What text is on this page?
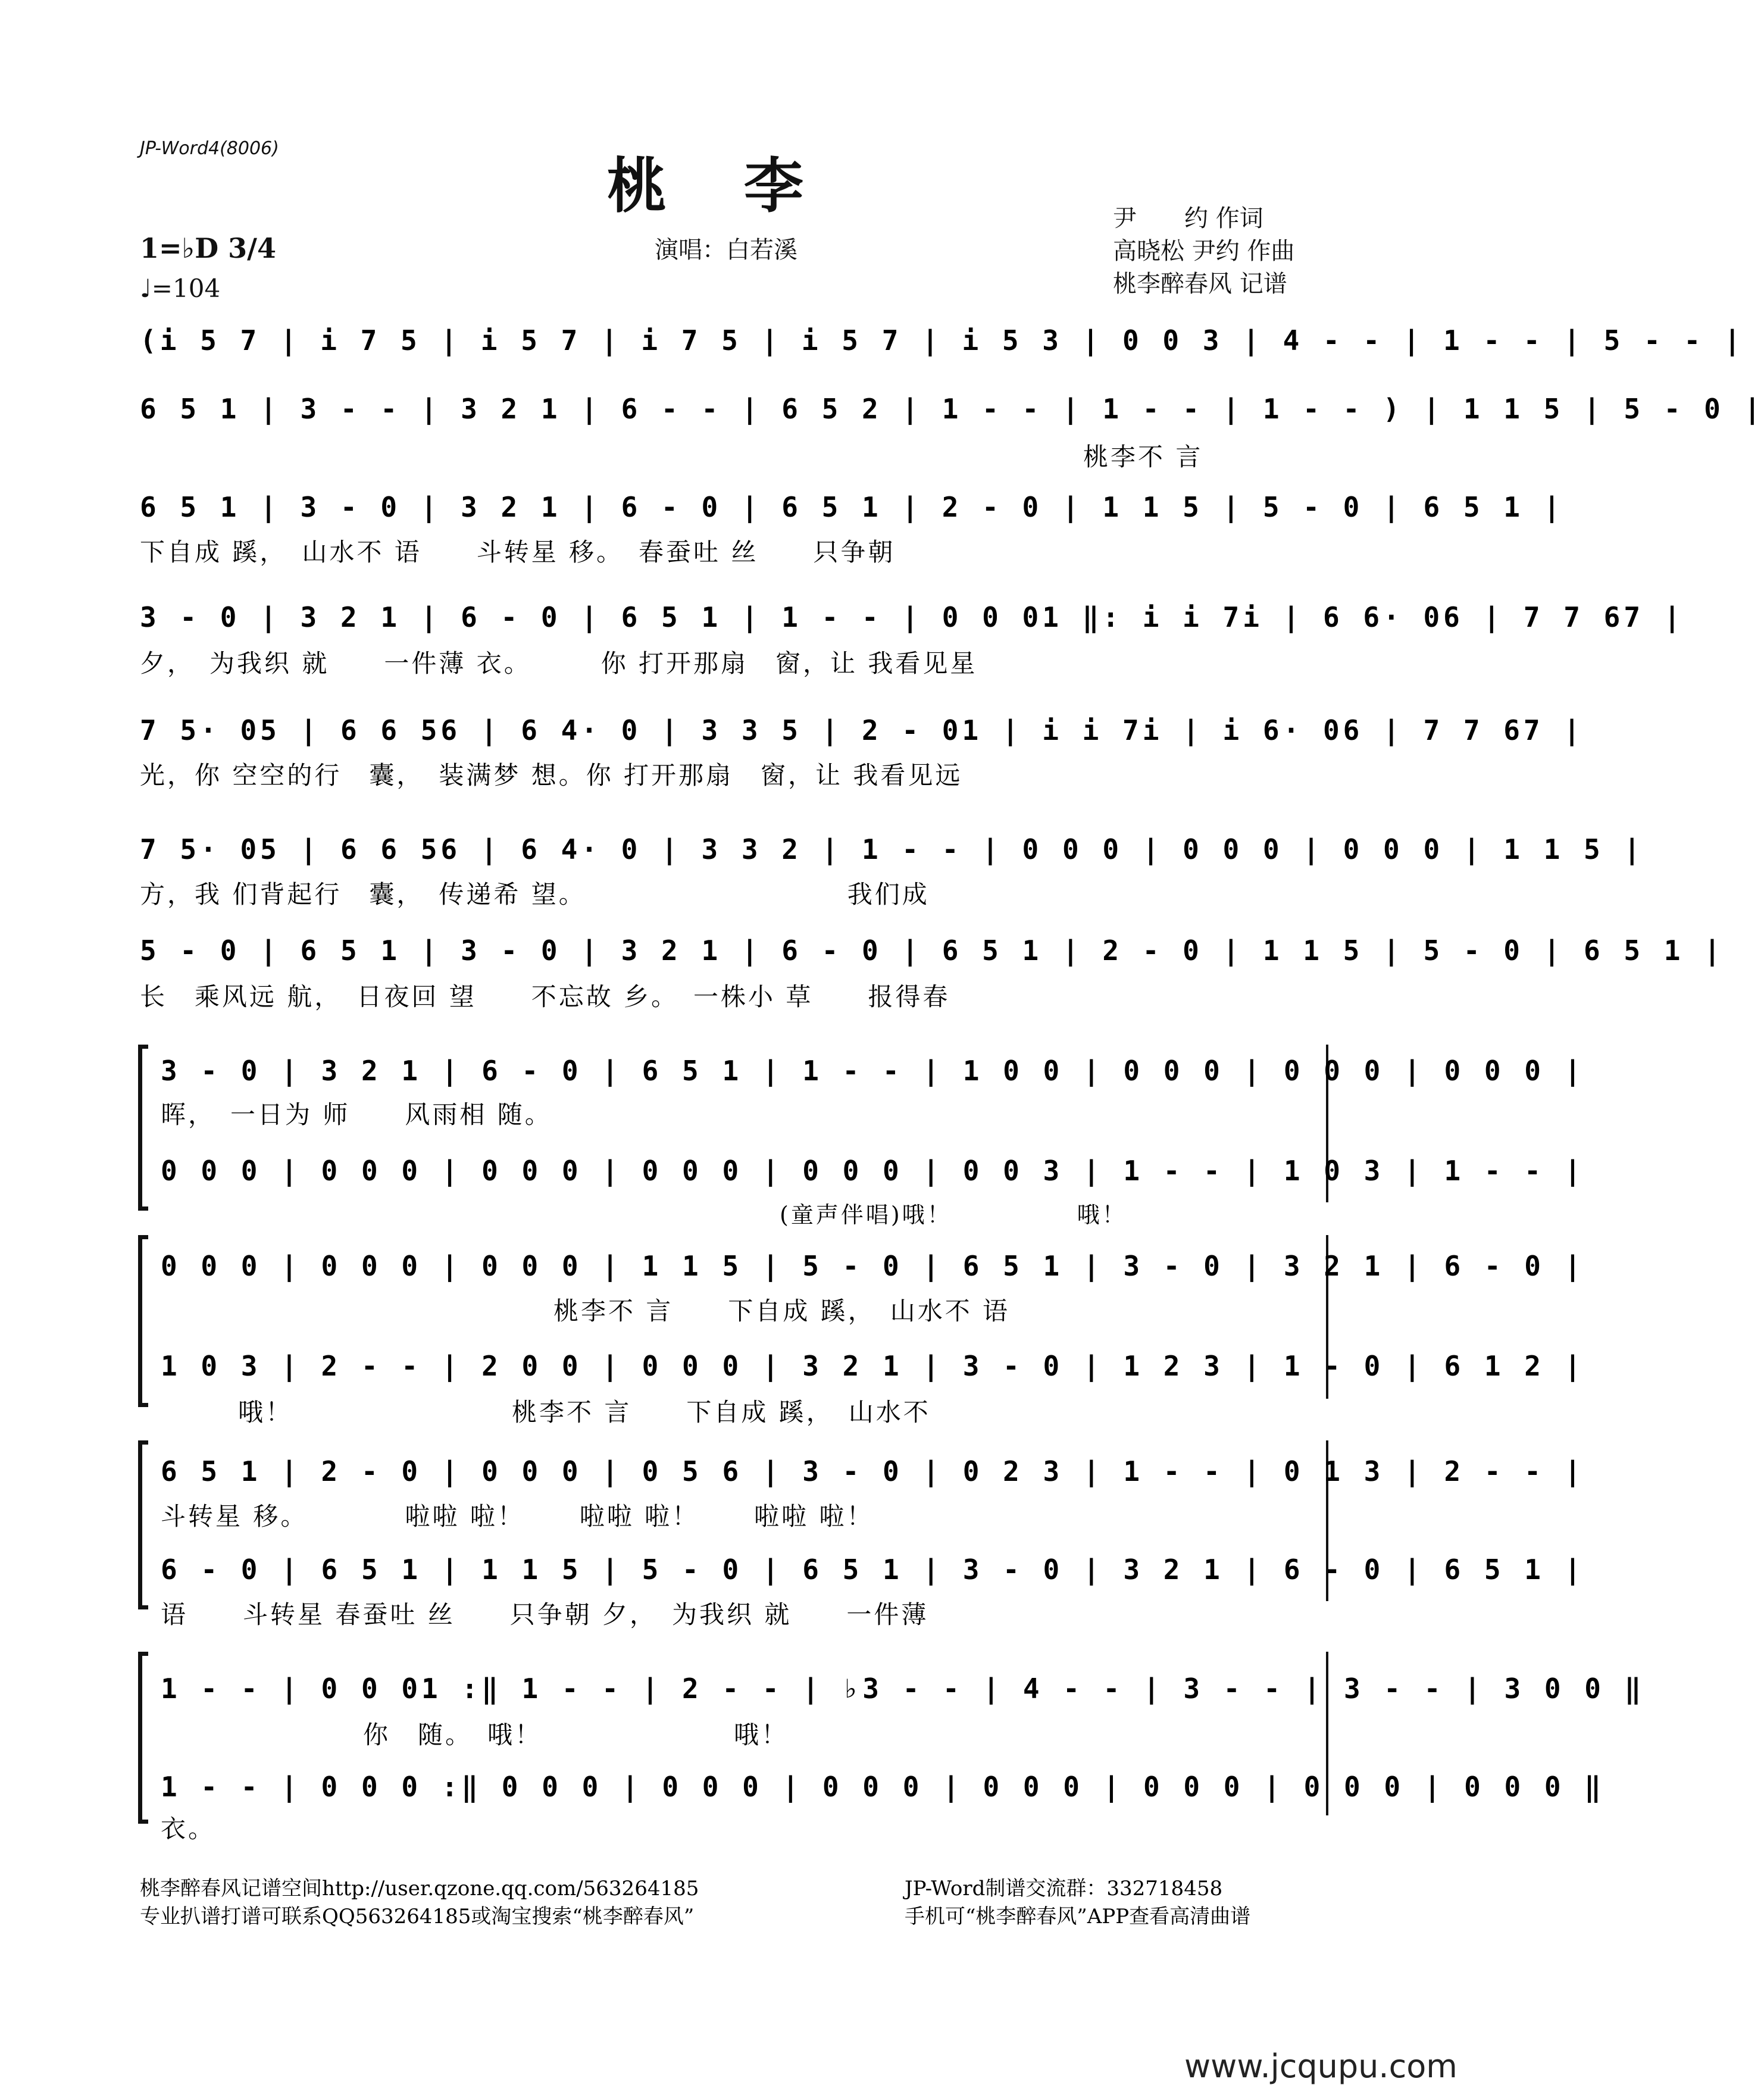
JP-Word4(8006)
桃李
演唱：白若溪
尹　　约 作词
高晓松 尹约 作曲
桃李醉春风 记谱
1=♭D 3/4
♩=104
(i 5 7 | i 7 5 | i 5 7 | i 7 5 | i 5 7 | i 5 3 | 0 0 3 | 4 - - | 1 - - | 5 - - |
6 5 1 | 3 - - | 3 2 1 | 6 - - | 6 5 2 | 1 - - | 1 - - | 1 - - ) | 1 1 5 | 5 - 0 |
桃李不 言
6 5 1 | 3 - 0 | 3 2 1 | 6 - 0 | 6 5 1 | 2 - 0 | 1 1 5 | 5 - 0 | 6 5 1 |
下自成 蹊，　山水不 语　　斗转星 移。　春蚕吐 丝　　只争朝
3 - 0 | 3 2 1 | 6 - 0 | 6 5 1 | 1 - - | 0 0 01 ‖: i i 7i | 6 6· 06 | 7 7 67 |
夕，　为我织 就　　一件薄 衣。　　　你 打开那扇　窗，让 我看见星
7 5· 05 | 6 6 56 | 6 4· 0 | 3 3 5 | 2 - 01 | i i 7i | i 6· 06 | 7 7 67 |
光，你 空空的行　囊，　装满梦 想。你 打开那扇　窗，让 我看见远
7 5· 05 | 6 6 56 | 6 4· 0 | 3 3 2 | 1 - - | 0 0 0 | 0 0 0 | 0 0 0 | 1 1 5 |
方，我 们背起行　囊，　传递希 望。　　　　　　　　　　我们成
5 - 0 | 6 5 1 | 3 - 0 | 3 2 1 | 6 - 0 | 6 5 1 | 2 - 0 | 1 1 5 | 5 - 0 | 6 5 1 |
长　乘风远 航，　日夜回 望　　不忘故 乡。　一株小 草　　报得春
3 - 0 | 3 2 1 | 6 - 0 | 6 5 1 | 1 - - | 1 0 0 | 0 0 0 | 0 0 0 | 0 0 0 |
晖，　一日为 师　　风雨相 随。
0 0 0 | 0 0 0 | 0 0 0 | 0 0 0 | 0 0 0 | 0 0 3 | 1 - - | 1 0 3 | 1 - - |
(童声伴唱)哦！　　　　　哦！
0 0 0 | 0 0 0 | 0 0 0 | 1 1 5 | 5 - 0 | 6 5 1 | 3 - 0 | 3 2 1 | 6 - 0 |
桃李不 言　　下自成 蹊，　山水不 语
1 0 3 | 2 - - | 2 0 0 | 0 0 0 | 3 2 1 | 3 - 0 | 1 2 3 | 1 - 0 | 6 1 2 |
哦！　　　　　　　　桃李不 言　　下自成 蹊，　山水不
6 5 1 | 2 - 0 | 0 0 0 | 0 5 6 | 3 - 0 | 0 2 3 | 1 - - | 0 1 3 | 2 - - |
斗转星 移。　　　　啦啦 啦！　　啦啦 啦！　　啦啦 啦！
6 - 0 | 6 5 1 | 1 1 5 | 5 - 0 | 6 5 1 | 3 - 0 | 3 2 1 | 6 - 0 | 6 5 1 |
语　　斗转星 春蚕吐 丝　　只争朝 夕，　为我织 就　　一件薄
1 - - | 0 0 01 :‖ 1 - - | 2 - - | ♭3 - - | 4 - - | 3 - - | 3 - - | 3 0 0 ‖
你　随。　哦！　　　　　　　哦！
1 - - | 0 0 0 :‖ 0 0 0 | 0 0 0 | 0 0 0 | 0 0 0 | 0 0 0 | 0 0 0 | 0 0 0 ‖
衣。
桃李醉春风记谱空间http://user.qzone.qq.com/563264185
专业扒谱打谱可联系QQ563264185或淘宝搜索“桃李醉春风”
JP-Word制谱交流群：332718458
手机可“桃李醉春风”APP查看高清曲谱
www.jcqupu.com
